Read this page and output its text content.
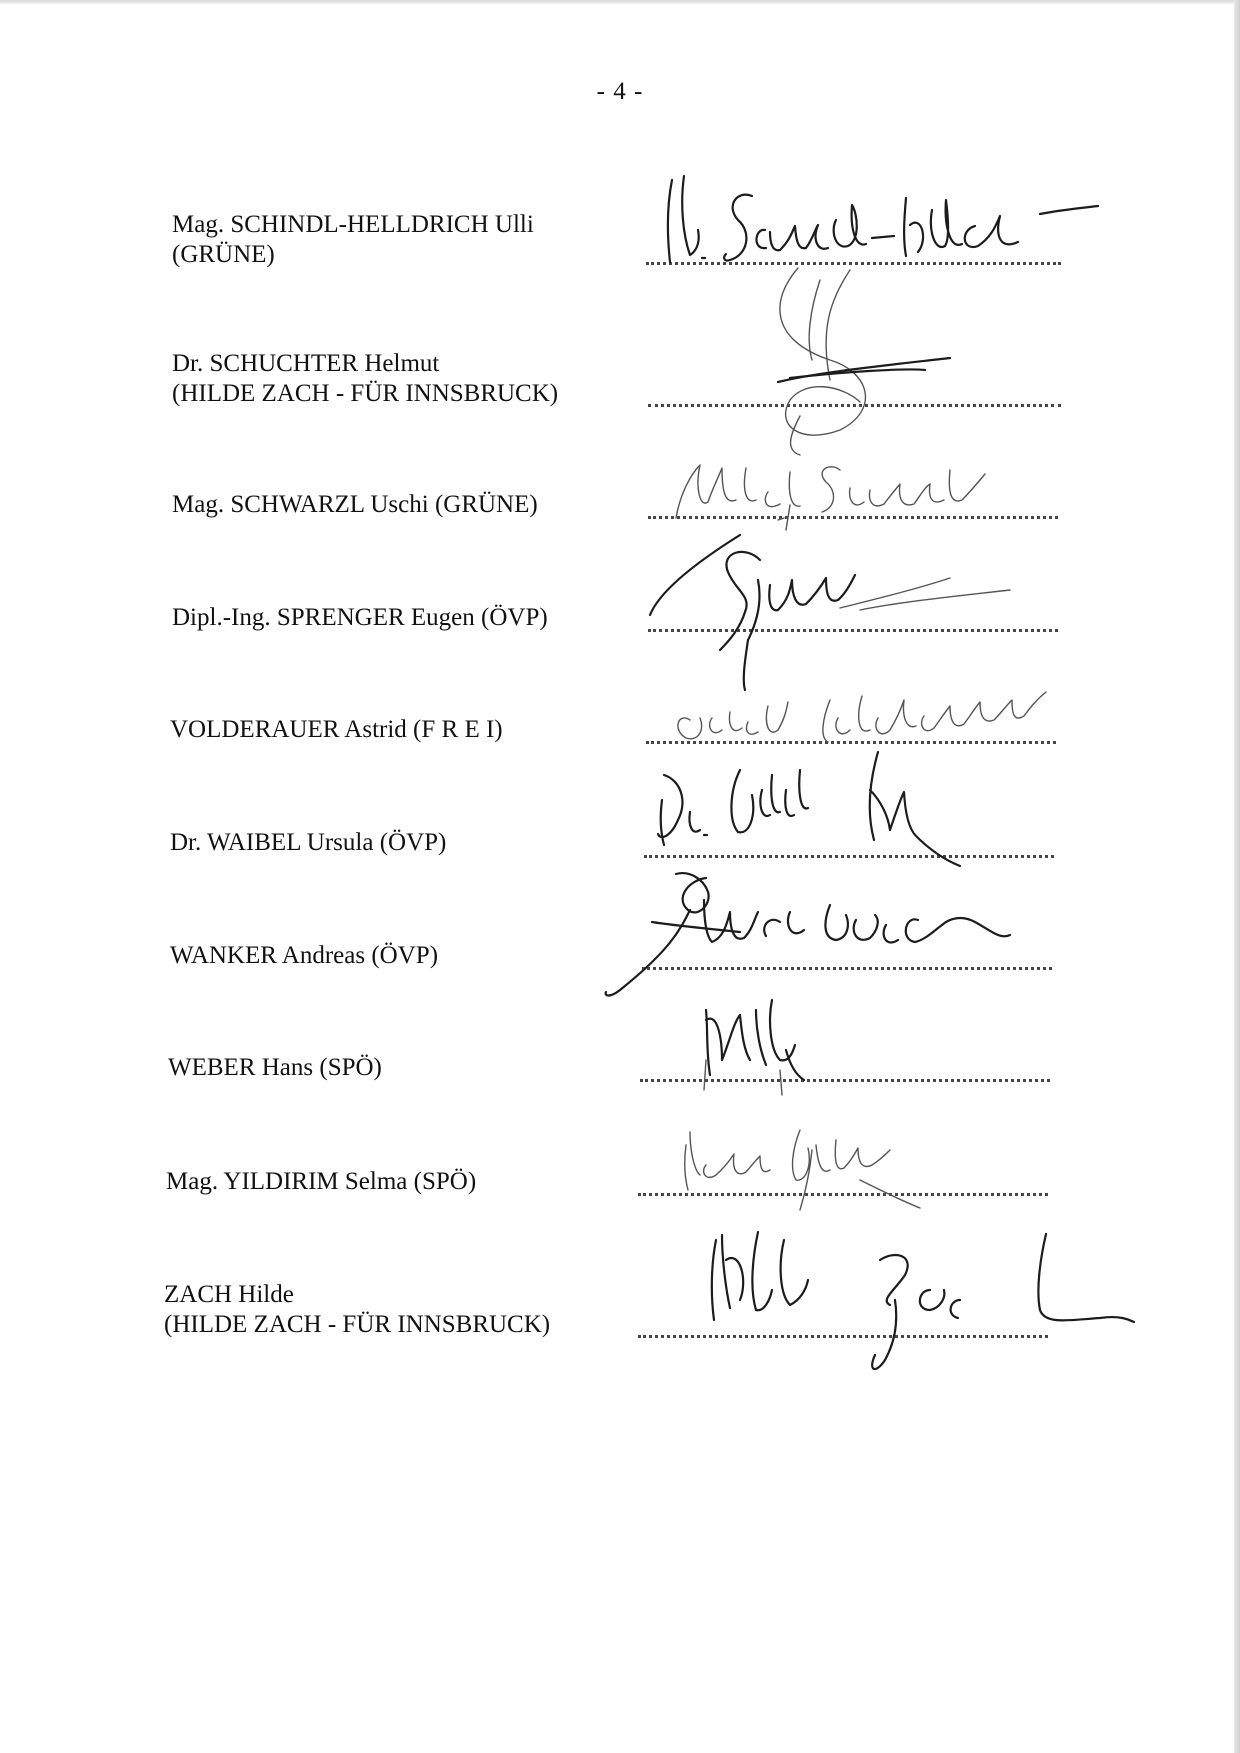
- 4 -
Mag. SCHINDL-HELLDRICH Ulli
(GRÜNE)
Dr. SCHUCHTER Helmut
(HILDE ZACH - FÜR INNSBRUCK)
Mag. SCHWARZL Uschi (GRÜNE)
Dipl.-Ing. SPRENGER Eugen (ÖVP)
VOLDERAUER Astrid (F R E I)
Dr. WAIBEL Ursula (ÖVP)
WANKER Andreas (ÖVP)
WEBER Hans (SPÖ)
Mag. YILDIRIM Selma (SPÖ)
ZACH Hilde
(HILDE ZACH - FÜR INNSBRUCK)
